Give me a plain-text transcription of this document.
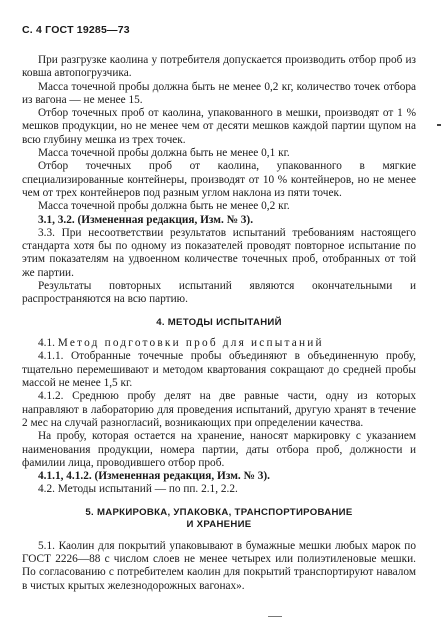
С. 4 ГОСТ 19285—73

При разгрузке каолина у потребителя допускается производить отбор проб из ковша автопогрузчика.

Масса точечной пробы должна быть не менее 0,2 кг, количество точек отбора из вагона — не менее 15.

Отбор точечных проб от каолина, упакованного в мешки, производят от 1 % мешков продукции, но не менее чем от десяти мешков каждой партии щупом на всю глубину мешка из трех точек.

Масса точечной пробы должна быть не менее 0,1 кг.

Отбор точечных проб от каолина, упакованного в мягкие специализированные контейнеры, производят от 10 % контейнеров, но не менее чем от трех контейнеров под разным углом наклона из пяти точек.

Масса точечной пробы должна быть не менее 0,2 кг.

3.1, 3.2. (Измененная редакция, Изм. № 3).

3.3. При несоответствии результатов испытаний требованиям настоящего стандарта хотя бы по одному из показателей проводят повторное испытание по этим показателям на удвоенном количестве точечных проб, отобранных от той же партии.

Результаты повторных испытаний являются окончательными и распространяются на всю партию.

4. МЕТОДЫ ИСПЫТАНИЙ

4.1. Метод подготовки проб для испытаний

4.1.1. Отобранные точечные пробы объединяют в объединенную пробу, тщательно перемешивают и методом квартования сокращают до средней пробы массой не менее 1,5 кг.

4.1.2. Среднюю пробу делят на две равные части, одну из которых направляют в лабораторию для проведения испытаний, другую хранят в течение 2 мес на случай разногласий, возникающих при определении качества.

На пробу, которая остается на хранение, наносят маркировку с указанием наименования продукции, номера партии, даты отбора проб, должности и фамилии лица, проводившего отбор проб.

4.1.1, 4.1.2. (Измененная редакция, Изм. № 3).

4.2. Методы испытаний — по пп. 2.1, 2.2.

5. МАРКИРОВКА, УПАКОВКА, ТРАНСПОРТИРОВАНИЕ
И ХРАНЕНИЕ

5.1. Каолин для покрытий упаковывают в бумажные мешки любых марок по ГОСТ 2226—88 с числом слоев не менее четырех или полиэтиленовые мешки. По согласованию с потребителем каолин для покрытий транспортируют навалом в чистых крытых железнодорожных вагонах».
